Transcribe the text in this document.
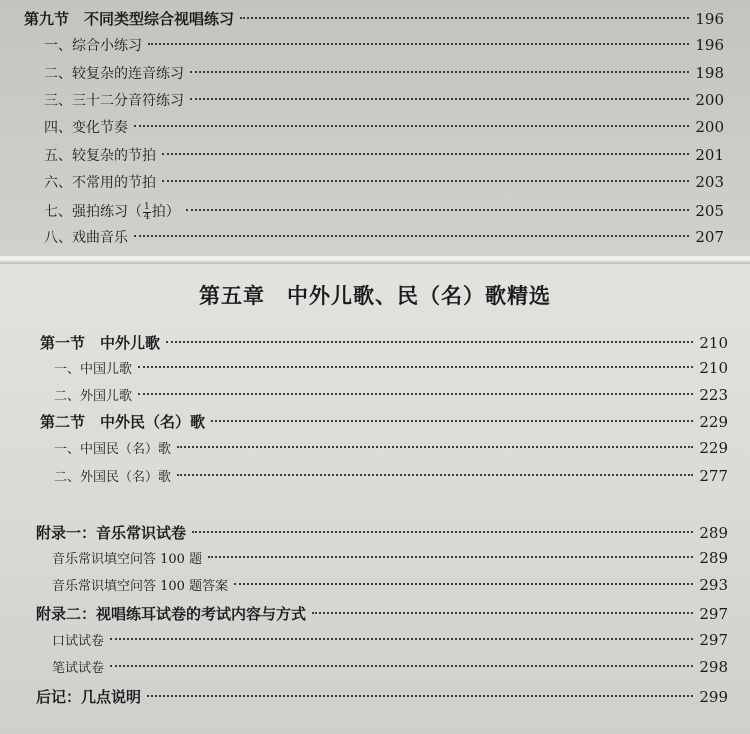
第九节　不同类型综合视唱练习	196
一、综合小练习	196
二、较复杂的连音练习	198
三、三十二分音符练习	200
四、变化节奏	200
五、较复杂的节拍	201
六、不常用的节拍	203
七、强拍练习（ $\frac{1}{4}$ 拍）	205
八、戏曲音乐	207
第五章　中外儿歌、民（名）歌精选
第一节　中外儿歌	210
一、中国儿歌	210
二、外国儿歌	223
第二节　中外民（名）歌	229
一、中国民（名）歌	229
二、外国民（名）歌	277
附录一：音乐常识试卷	289
音乐常识填空问答 100 题	289
音乐常识填空问答 100 题答案	293
附录二：视唱练耳试卷的考试内容与方式	297
口试试卷	297
笔试试卷	298
后记：几点说明	299
